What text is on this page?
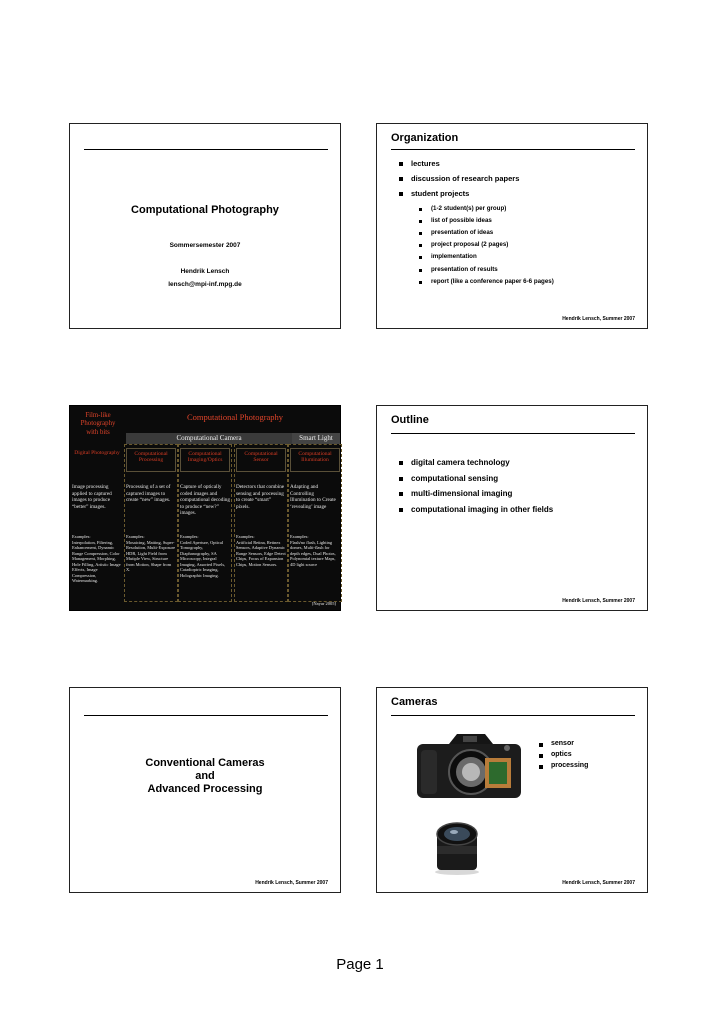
Computational Photography
Sommersemester 2007
Hendrik Lensch
lensch@mpi-inf.mpg.de
Organization
lectures
discussion of research papers
student projects
(1-2 student(s) per group)
list of possible ideas
presentation of ideas
project proposal (2 pages)
implementation
presentation of results
report (like a conference paper 6-6 pages)
Hendrik Lensch, Summer 2007
Film-like Photography with bits
Computational Photography
Computational Camera	Smart Light
[Nayar 2005]
Digital Photography
Image processing applied to captured images to produce “better” images.
Examples:
Interpolation, Filtering, Enhancement, Dynamic Range Compression, Color Management, Morphing, Hole Filling, Artistic Image Effects, Image Compression, Watermarking.
Computational Processing
Processing of a set of captured images to create “new” images.
Examples:
Mosaicing, Matting, Super-Resolution, Multi-Exposure HDR, Light Field from Mutiple View, Structure from Motion, Shape from X.
Computational Imaging/Optics
Capture of optically coded images and computational decoding to produce “new?” images.
Examples:
Coded Aperture, Optical Tomography, Diaphanography, SA Microscopy, Integral Imaging, Assorted Pixels, Catadioptric Imaging, Holographic Imaging.
Computational Sensor
Detectors that combine sensing and processing to create “smart” pixels.
Examples:
Artificial Retina, Retinex Sensors, Adaptive Dynamic Range Sensors, Edge Detect Chips, Focus of Expansion Chips, Motion Sensors.
Computational Illumination
Adapting and Controlling Illumination to Create ‘revealing’ image
Examples:
Flash/no flash, Lighting domes, Multi-flash for depth edges, Dual Photos, Polynomial texture Maps, 4D light source
Outline
digital camera technology
computational sensing
multi-dimensional imaging
computational imaging in other fields
Hendrik Lensch, Summer 2007
Conventional Cameras
and
Advanced Processing
Hendrik Lensch, Summer 2007
Cameras
sensor
optics
processing
Hendrik Lensch, Summer 2007
Page 1
